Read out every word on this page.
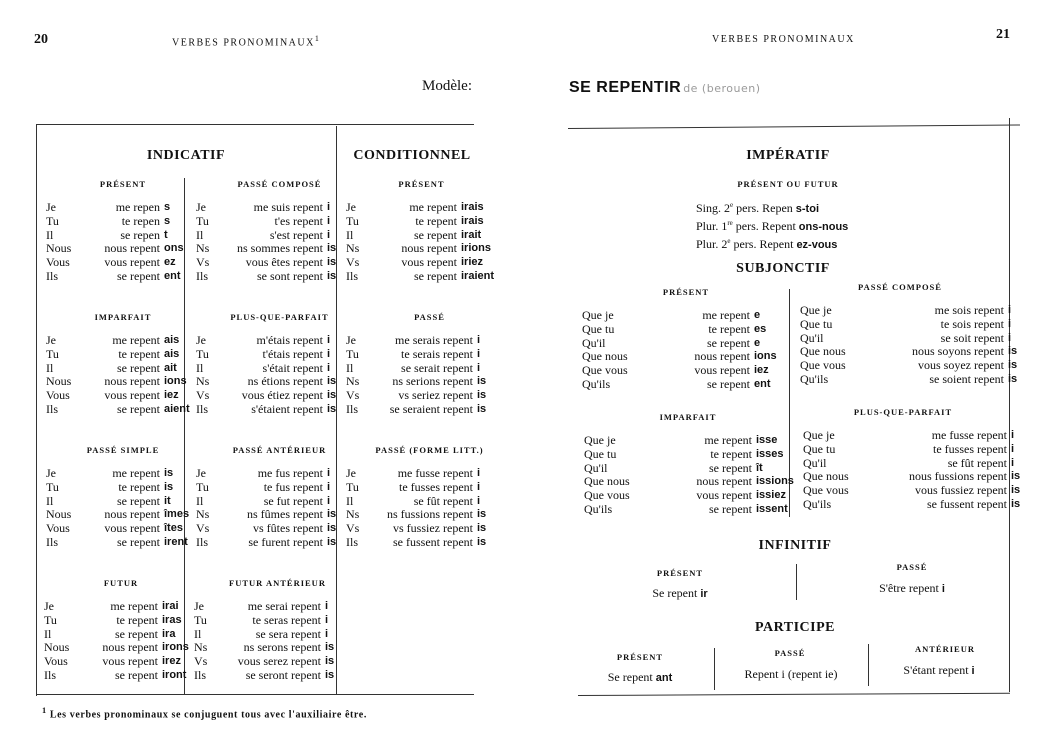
20	VERBES PRONOMINAUX$^1$
Modèle:
INDICATIF	CONDITIONNEL
PRÉSENT
Je	me repen s
Tu	te repen s
Il	se repen t
Nous	nous repent ons
Vous	vous repent ez
Ils	se repent ent
PASSÉ COMPOSÉ
Je	me suis repent i
Tu	t'es repent i
Il	s'est repent i
Ns	ns sommes repent is
Vs	vous êtes repent is
Ils	se sont repent is
PRÉSENT
Je	me repent irais
Tu	te repent irais
Il	se repent irait
Ns	nous repent irions
Vs	vous repent iriez
Ils	se repent iraient
IMPARFAIT
Je	me repent ais
Tu	te repent ais
Il	se repent ait
Nous	nous repent ions
Vous	vous repent iez
Ils	se repent aient
PLUS-QUE-PARFAIT
Je	m'étais repent i
Tu	t'étais repent i
Il	s'était repent i
Ns	ns étions repent is
Vs	vous étiez repent is
Ils	s'étaient repent is
PASSÉ
Je	me serais repent i
Tu	te serais repent i
Il	se serait repent i
Ns	ns serions repent is
Vs	vs seriez repent is
Ils	se seraient repent is
PASSÉ SIMPLE
Je	me repent is
Tu	te repent is
Il	se repent it
Nous	nous repent îmes
Vous	vous repent îtes
Ils	se repent irent
PASSÉ ANTÉRIEUR
Je	me fus repent i
Tu	te fus repent i
Il	se fut repent i
Ns	ns fûmes repent is
Vs	vs fûtes repent is
Ils	se furent repent is
PASSÉ (FORME LITT.)
Je	me fusse repent i
Tu	te fusses repent i
Il	se fût repent i
Ns	ns fussions repent is
Vs	vs fussiez repent is
Ils	se fussent repent is
FUTUR
Je	me repent irai
Tu	te repent iras
Il	se repent ira
Nous	nous repent irons
Vous	vous repent irez
Ils	se repent iront
FUTUR ANTÉRIEUR
Je	me serai repent i
Tu	te seras repent i
Il	se sera repent i
Ns	ns serons repent is
Vs	vous serez repent is
Ils	se seront repent is
$^1$ Les verbes pronominaux se conjuguent tous avec l'auxiliaire être.
VERBES PRONOMINAUX	21
SE REPENTIR de (berouen)
IMPÉRATIF
PRÉSENT OU FUTUR
Sing. 2e pers. Repen s-toi
Plur. 1re pers. Repent ons-nous
Plur. 2e pers. Repent ez-vous
SUBJONCTIF
PRÉSENT
Que je	me repent e
Que tu	te repent es
Qu'il	se repent e
Que nous	nous repent ions
Que vous	vous repent iez
Qu'ils	se repent ent
PASSÉ COMPOSÉ
Que je	me sois repent i
Que tu	te sois repent i
Qu'il	se soit repent i
Que nous	nous soyons repent is
Que vous	vous soyez repent is
Qu'ils	se soient repent is
IMPARFAIT
Que je	me repent isse
Que tu	te repent isses
Qu'il	se repent ît
Que nous	nous repent issions
Que vous	vous repent issiez
Qu'ils	se repent issent
PLUS-QUE-PARFAIT
Que je	me fusse repent i
Que tu	te fusses repent i
Qu'il	se fût repent i
Que nous	nous fussions repent is
Que vous	vous fussiez repent is
Qu'ils	se fussent repent is
INFINITIF
PRÉSENT
Se repent ir
PASSÉ
S'être repent i
PARTICIPE
PRÉSENT
Se repent ant
PASSÉ
Repent i (repent ie)
ANTÉRIEUR
S'étant repent i
